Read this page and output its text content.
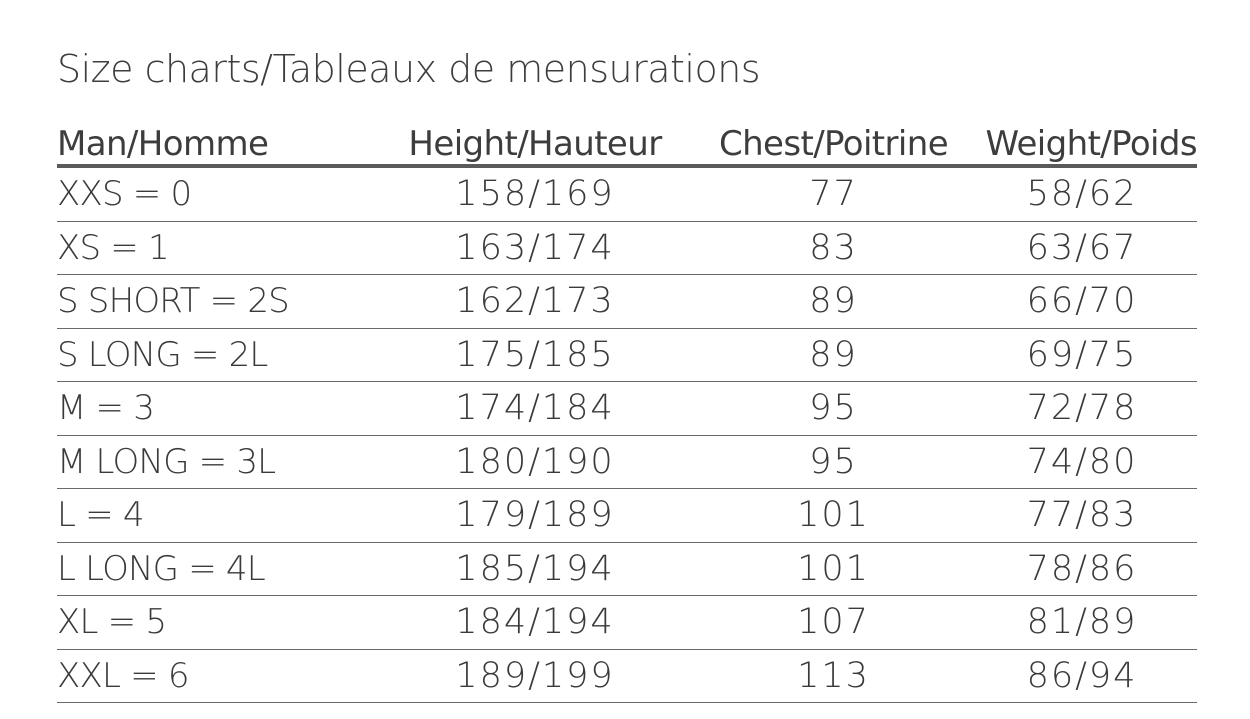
Size charts/Tableaux de mensurations
Man/Homme	Height/Hauteur	Chest/Poitrine	Weight/Poids
XXS = 0	158/169	77	58/62
XS = 1	163/174	83	63/67
S SHORT = 2S	162/173	89	66/70
S LONG = 2L	175/185	89	69/75
M = 3	174/184	95	72/78
M LONG = 3L	180/190	95	74/80
L = 4	179/189	101	77/83
L LONG = 4L	185/194	101	78/86
XL = 5	184/194	107	81/89
XXL = 6	189/199	113	86/94
